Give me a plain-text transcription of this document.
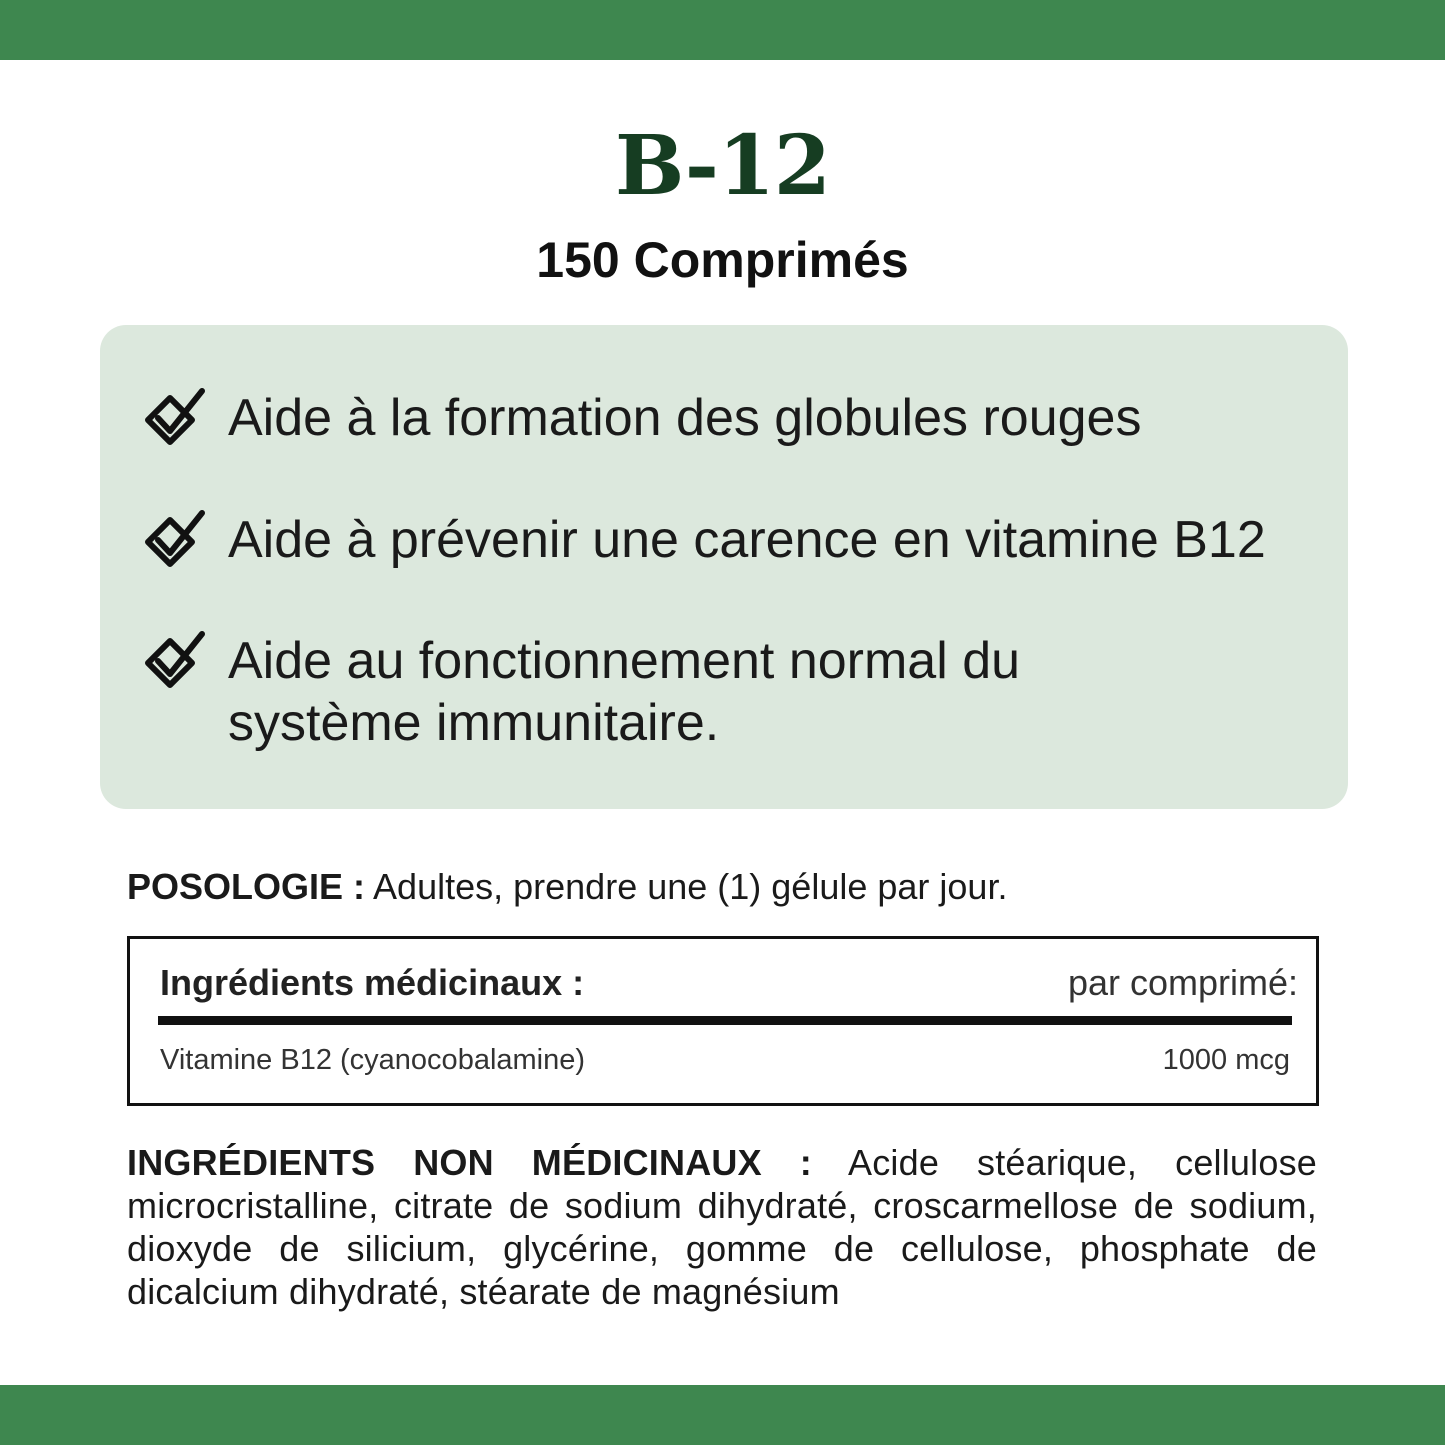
B-12
150 Comprimés
Aide à la formation des globules rouges
Aide à prévenir une carence en vitamine B12
Aide au fonctionnement normal du
système immunitaire.
POSOLOGIE : Adultes, prendre une (1) gélule par jour.
Ingrédients médicinaux :	par comprimé:
Vitamine B12 (cyanocobalamine)	1000 mcg
INGRÉDIENTS NON MÉDICINAUX : Acide stéarique, cellulose microcristalline, citrate de sodium dihydraté, croscarmellose de sodium, dioxyde de silicium, glycérine, gomme de cellulose, phosphate de dicalcium dihydraté, stéarate de magnésium
